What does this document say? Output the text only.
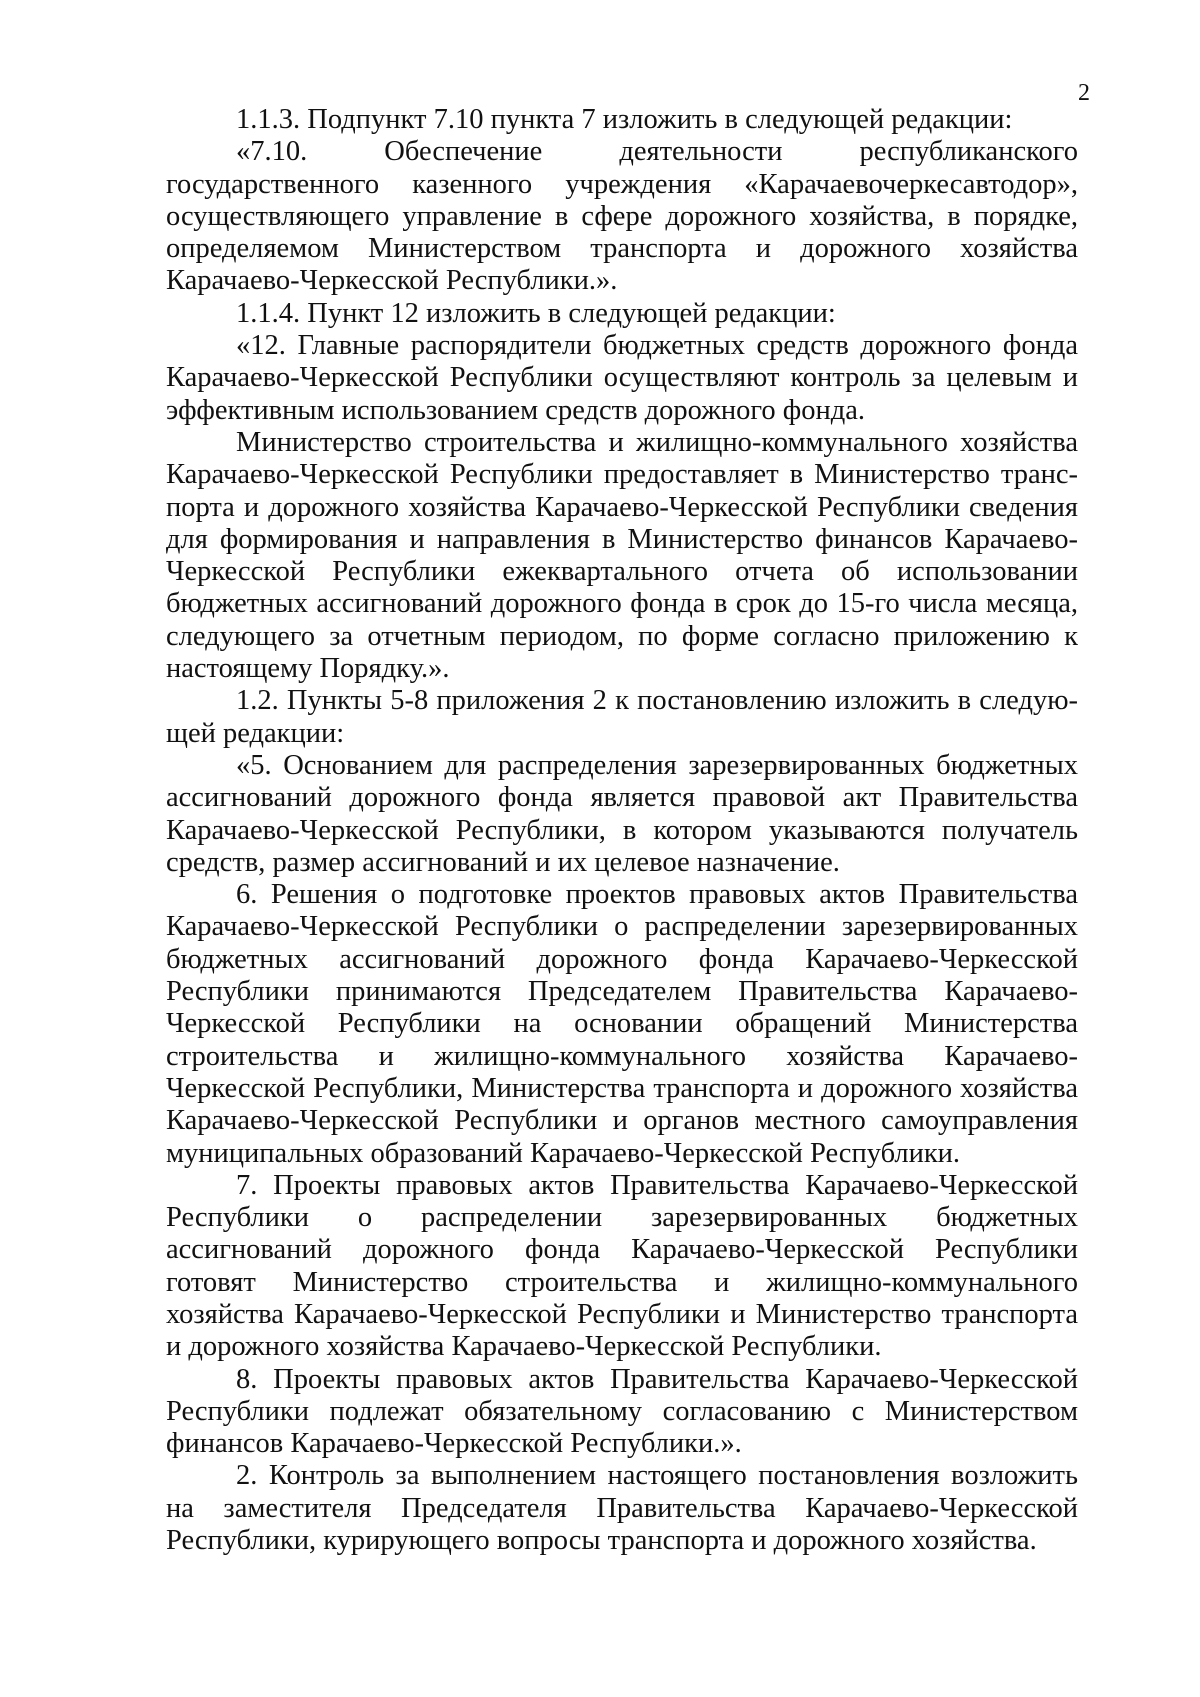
2

1.1.3. Подпункт 7.10 пункта 7 изложить в следующей редакции:

«7.10. Обеспечение деятельности республиканского государственного казенного учреждения «Карачаевочеркесавтодор», осуществляющего управление в сфере дорожного хозяйства, в порядке, определяемом Министерством транспорта и дорожного хозяйства Карачаево-Черкесской Республики.».

1.1.4. Пункт 12 изложить в следующей редакции:

«12. Главные распорядители бюджетных средств дорожного фонда Карачаево-Черкесской Республики осуществляют контроль за целевым и эффективным использованием средств дорожного фонда.

Министерство строительства и жилищно-коммунального хозяйства Карачаево-Черкесской Республики предоставляет в Министерство транспорта и дорожного хозяйства Карачаево-Черкесской Республики сведения для формирования и направления в Министерство финансов Карачаево-Черкесской Республики ежеквартального отчета об использовании бюджетных ассигнований дорожного фонда в срок до 15-го числа месяца, следующего за отчетным периодом, по форме согласно приложению к настоящему Порядку.».

1.2. Пункты 5-8 приложения 2 к постановлению изложить в следующей редакции:

«5. Основанием для распределения зарезервированных бюджетных ассигнований дорожного фонда является правовой акт Правительства Карачаево-Черкесской Республики, в котором указываются получатель средств, размер ассигнований и их целевое назначение.

6. Решения о подготовке проектов правовых актов Правительства Карачаево-Черкесской Республики о распределении зарезервированных бюджетных ассигнований дорожного фонда Карачаево-Черкесской Республики принимаются Председателем Правительства Карачаево-Черкесской Республики на основании обращений Министерства строительства и жилищно-коммунального хозяйства Карачаево-Черкесской Республики, Министерства транспорта и дорожного хозяйства Карачаево-Черкесской Республики и органов местного самоуправления муниципальных образований Карачаево-Черкесской Республики.

7. Проекты правовых актов Правительства Карачаево-Черкесской Республики о распределении зарезервированных бюджетных ассигнований дорожного фонда Карачаево-Черкесской Республики готовят Министерство строительства и жилищно-коммунального хозяйства Карачаево-Черкесской Республики и Министерство транспорта и дорожного хозяйства Карачаево-Черкесской Республики.

8. Проекты правовых актов Правительства Карачаево-Черкесской Республики подлежат обязательному согласованию с Министерством финансов Карачаево-Черкесской Республики.».

2. Контроль за выполнением настоящего постановления возложить на заместителя Председателя Правительства Карачаево-Черкесской Республики, курирующего вопросы транспорта и дорожного хозяйства.
